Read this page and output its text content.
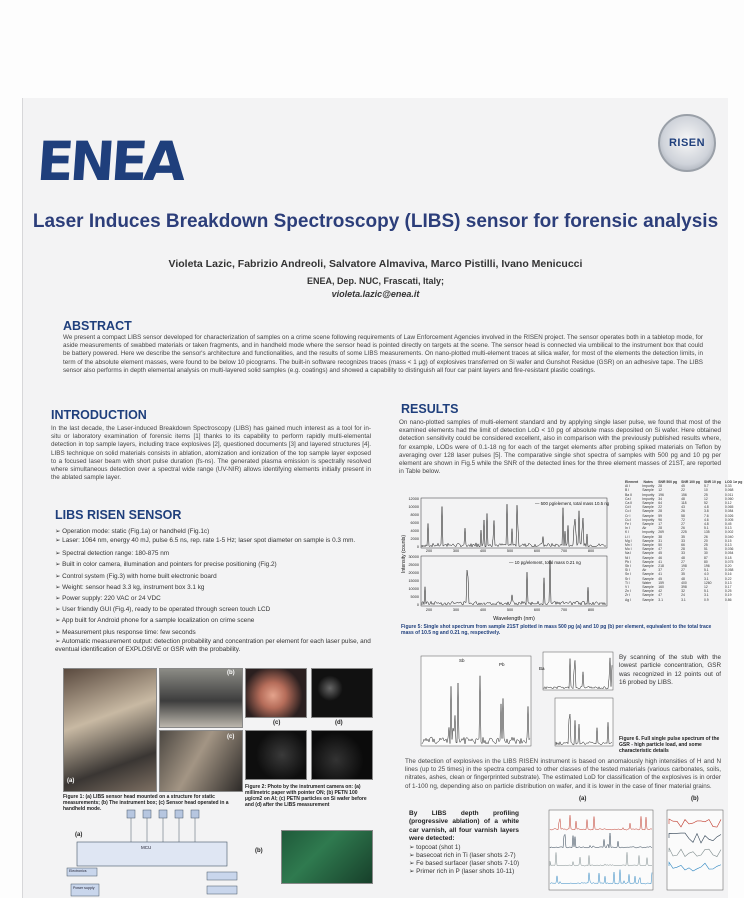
ENEA	RISEN
Laser Induces Breakdown Spectroscopy (LIBS) sensor for forensic analysis
Violeta Lazic, Fabrizio Andreoli, Salvatore Almaviva, Marco Pistilli, Ivano Menicucci
ENEA, Dep. NUC, Frascati, Italy;
violeta.lazic@enea.it
ABSTRACT
We present a compact LIBS sensor developed for characterization of samples on a crime scene following requirements of Law Enforcement Agencies involved in the RISEN project. The sensor operates both in a tabletop mode, for aside measurements of swabbed materials or taken fragments, and in handheld mode where the sensor head is pointed directly on targets at the scene. The sensor head is connected via umbilical to the instrument box that could be battery powered. Here we describe the sensor's architecture and functionalities, and the results of some LIBS measurements. On nano-plotted multi-element traces at silica wafer, for most of the elements the detection limits, in term of the absolute element masses, were found to be below 10 picograms. The built-in software recognizes traces (mass < 1 µg) of explosives transferred on Si wafer and Gunshot Residue (GSR) on an adhesive tape. The LIBS sensor also performs in depth elemental analysis on multi-layered solid samples (e.g. coatings) and showed a capability to distinguish all four car paint layers and fire-resistant plastic coatings.
INTRODUCTION
In the last decade, the Laser-induced Breakdown Spectroscopy (LIBS) has gained much interest as a tool for in-situ or laboratory examination of forensic items [1] thanks to its capability to perform rapidly multi-elemental detection in top sample layers, including trace explosives [2], questioned documents [3] and layered structures [4]. LIBS technique on solid materials consists in ablation, atomization and ionization of the top sample layer exposed to a focused laser beam with short pulse duration (fs-ns). The generated plasma emission is spectrally resolved where simultaneous detection over a spectral wide range (UV-NIR) allows identifying elements initially present in the ablated sample layer.
LIBS RISEN SENSOR
➢ Operation mode: static (Fig.1a) or handheld (Fig.1c)
➢ Laser: 1064 nm, energy 40 mJ, pulse 6.5 ns, rep. rate 1-5 Hz; laser spot diameter on sample is 0.3 mm.
➢ Spectral detection range: 180-875 nm
➢ Built in color camera, illumination and pointers for precise positioning (Fig.2)
➢ Control system (Fig.3) with home built electronic board
➢ Weight: sensor head 3.3 kg, instrument box 3.1 kg
➢ Power supply: 220 VAC or 24 VDC
➢ User friendly GUI (Fig.4), ready to be operated through screen touch LCD
➢ App built for Android phone for a sample localization on crime scene
➢ Measurement plus response time: few seconds
➢ Automatic measurement output: detection probability and concentration per element for each laser pulse, and eventual identification of EXPLOSIVE or GSR with the probability.
(a)
(b)
(c)
Figure 1: (a) LIBS sensor head mounted on a structure for static measurements; (b) The instrument box; (c) Sensor head operated in a handheld mode.
(c)	(d)
Figure 2: Photo by the instrument camera on: (a) millimetric paper with pointer ON; (b) PETN 100 µg/cm2 on Al; (c) PETN particles on Si wafer before and (d) after the LIBS measurement
(a)
MCU
Electronics
Power supply
(b)
RESULTS
On nano-plotted samples of multi-element standard and by applying single laser pulse, we found that most of the examined elements had the limit of detection LoD < 10 pg of absolute mass deposited on Si wafer. Here obtained detection sensitivity could be considered excellent, also in comparison with the previously published results where, for example, LODs were of 0.1-18 ng for each of the target elements after probing spiked materials on Teflon by averaging over 128 laser pulses [5]. The comparative single shot spectra of samples with 500 pg and 10 pg per element are shown in Fig.5 while the SNR of the detected lines for the three element masses of 21ST, are reported in Table below.
12000
10000
8000
6000
4000
2000
0
200	300	400	500	600	700	800
— 500 pg/element, total mass 10.5 ng
Intensity (counts) 30000
25000
20000
15000
10000
5000
0
200	300	400	500	600	700	800
— 10 pg/element, total mass 0.21 ng
Wavelength (nm)
Figure 5: Single shot spectrum from sample 21ST plotted in mass 500 pg (a) and 10 pg (b) per element, equivalent to the total trace mass of 10.5 ng and 0.21 ng, respectively.
Element	Notes	SNR 500 pg	SNR 100 pg	SNR 10 pg	LOD 1σ pg
Al I	Impurity	28	45	5.7	0.33
B I	Sample	12	22	10	0.068
Ba II	Impurity	196	156	25	0.011
Ca I	Impurity	34	48	12	0.060
Ca II	Sample	64	118	52	0.12
Cd I	Sample	22	43	4.8	0.065
Co I	Sample	28	26	3.8	0.084
Cr I	Sample	59	58	7.6	0.026
Cu I	Impurity	96	72	4.6	0.005
Fe I	Sample	17	27	4.8	0.45
In I	Air	28	26	5.1	0.13
K I	Impurity	269	225	135	0.002
Li I	Sample	38	35	26	0.040
Mg I	Sample	31	33	20	0.15
Mn I	Sample	50	66	25	0.13
Mo I	Sample	47	28	51	0.036
Na I	Sample	45	33	30	0.054
Ni I	Sample	46	48	87	0.18
Pb I	Sample	41	27	80	0.075
Sb I	Sample	218	198	196	0.20
Si I	Air	37	27	5.1	0.058
Sn I	Sample	41	35	4.0	0.16
Sr I	Sample	45	48	3.1	0.22
Ti I	Water	159	400	1260	0.13
V I	Sample	160	398	12	0.17
Zn I	Sample	42	32	5.1	0.25
Zr I	Sample	47	24	3.1	0.19
Ag I	Sample	3.1	3.1	0.9	0.86
Sb
Pb
Ba
By scanning of the stub with the lowest particle concentration, GSR was recognized in 12 points out of 16 probed by LIBS.
Figure 6. Full single pulse spectrum of the GSR - high particle load, and some characteristic details
The detection of explosives in the LIBS RISEN instrument is based on anomalously high intensities of H and N lines (up to 25 times) in the spectra compared to other classes of the tested materials (various carbonates, soils, nitrates, ashes, clean or fingerprinted substrate). The estimated LoD for classification of the explosives is in order of 1-100 ng, depending also on particle distribution on wafer, and it is lower in the case of finer material grains.
By LIBS depth profiling (progressive ablation) of a white car varnish, all four varnish layers were detected:
➢ topcoat (shot 1)
➢ basecoat rich in Ti (laser shots 2-7)
➢ Fe based surfacer (laser shots 7-10)
➢ Primer rich in P (laser shots 10-11)
(a)	(b)
